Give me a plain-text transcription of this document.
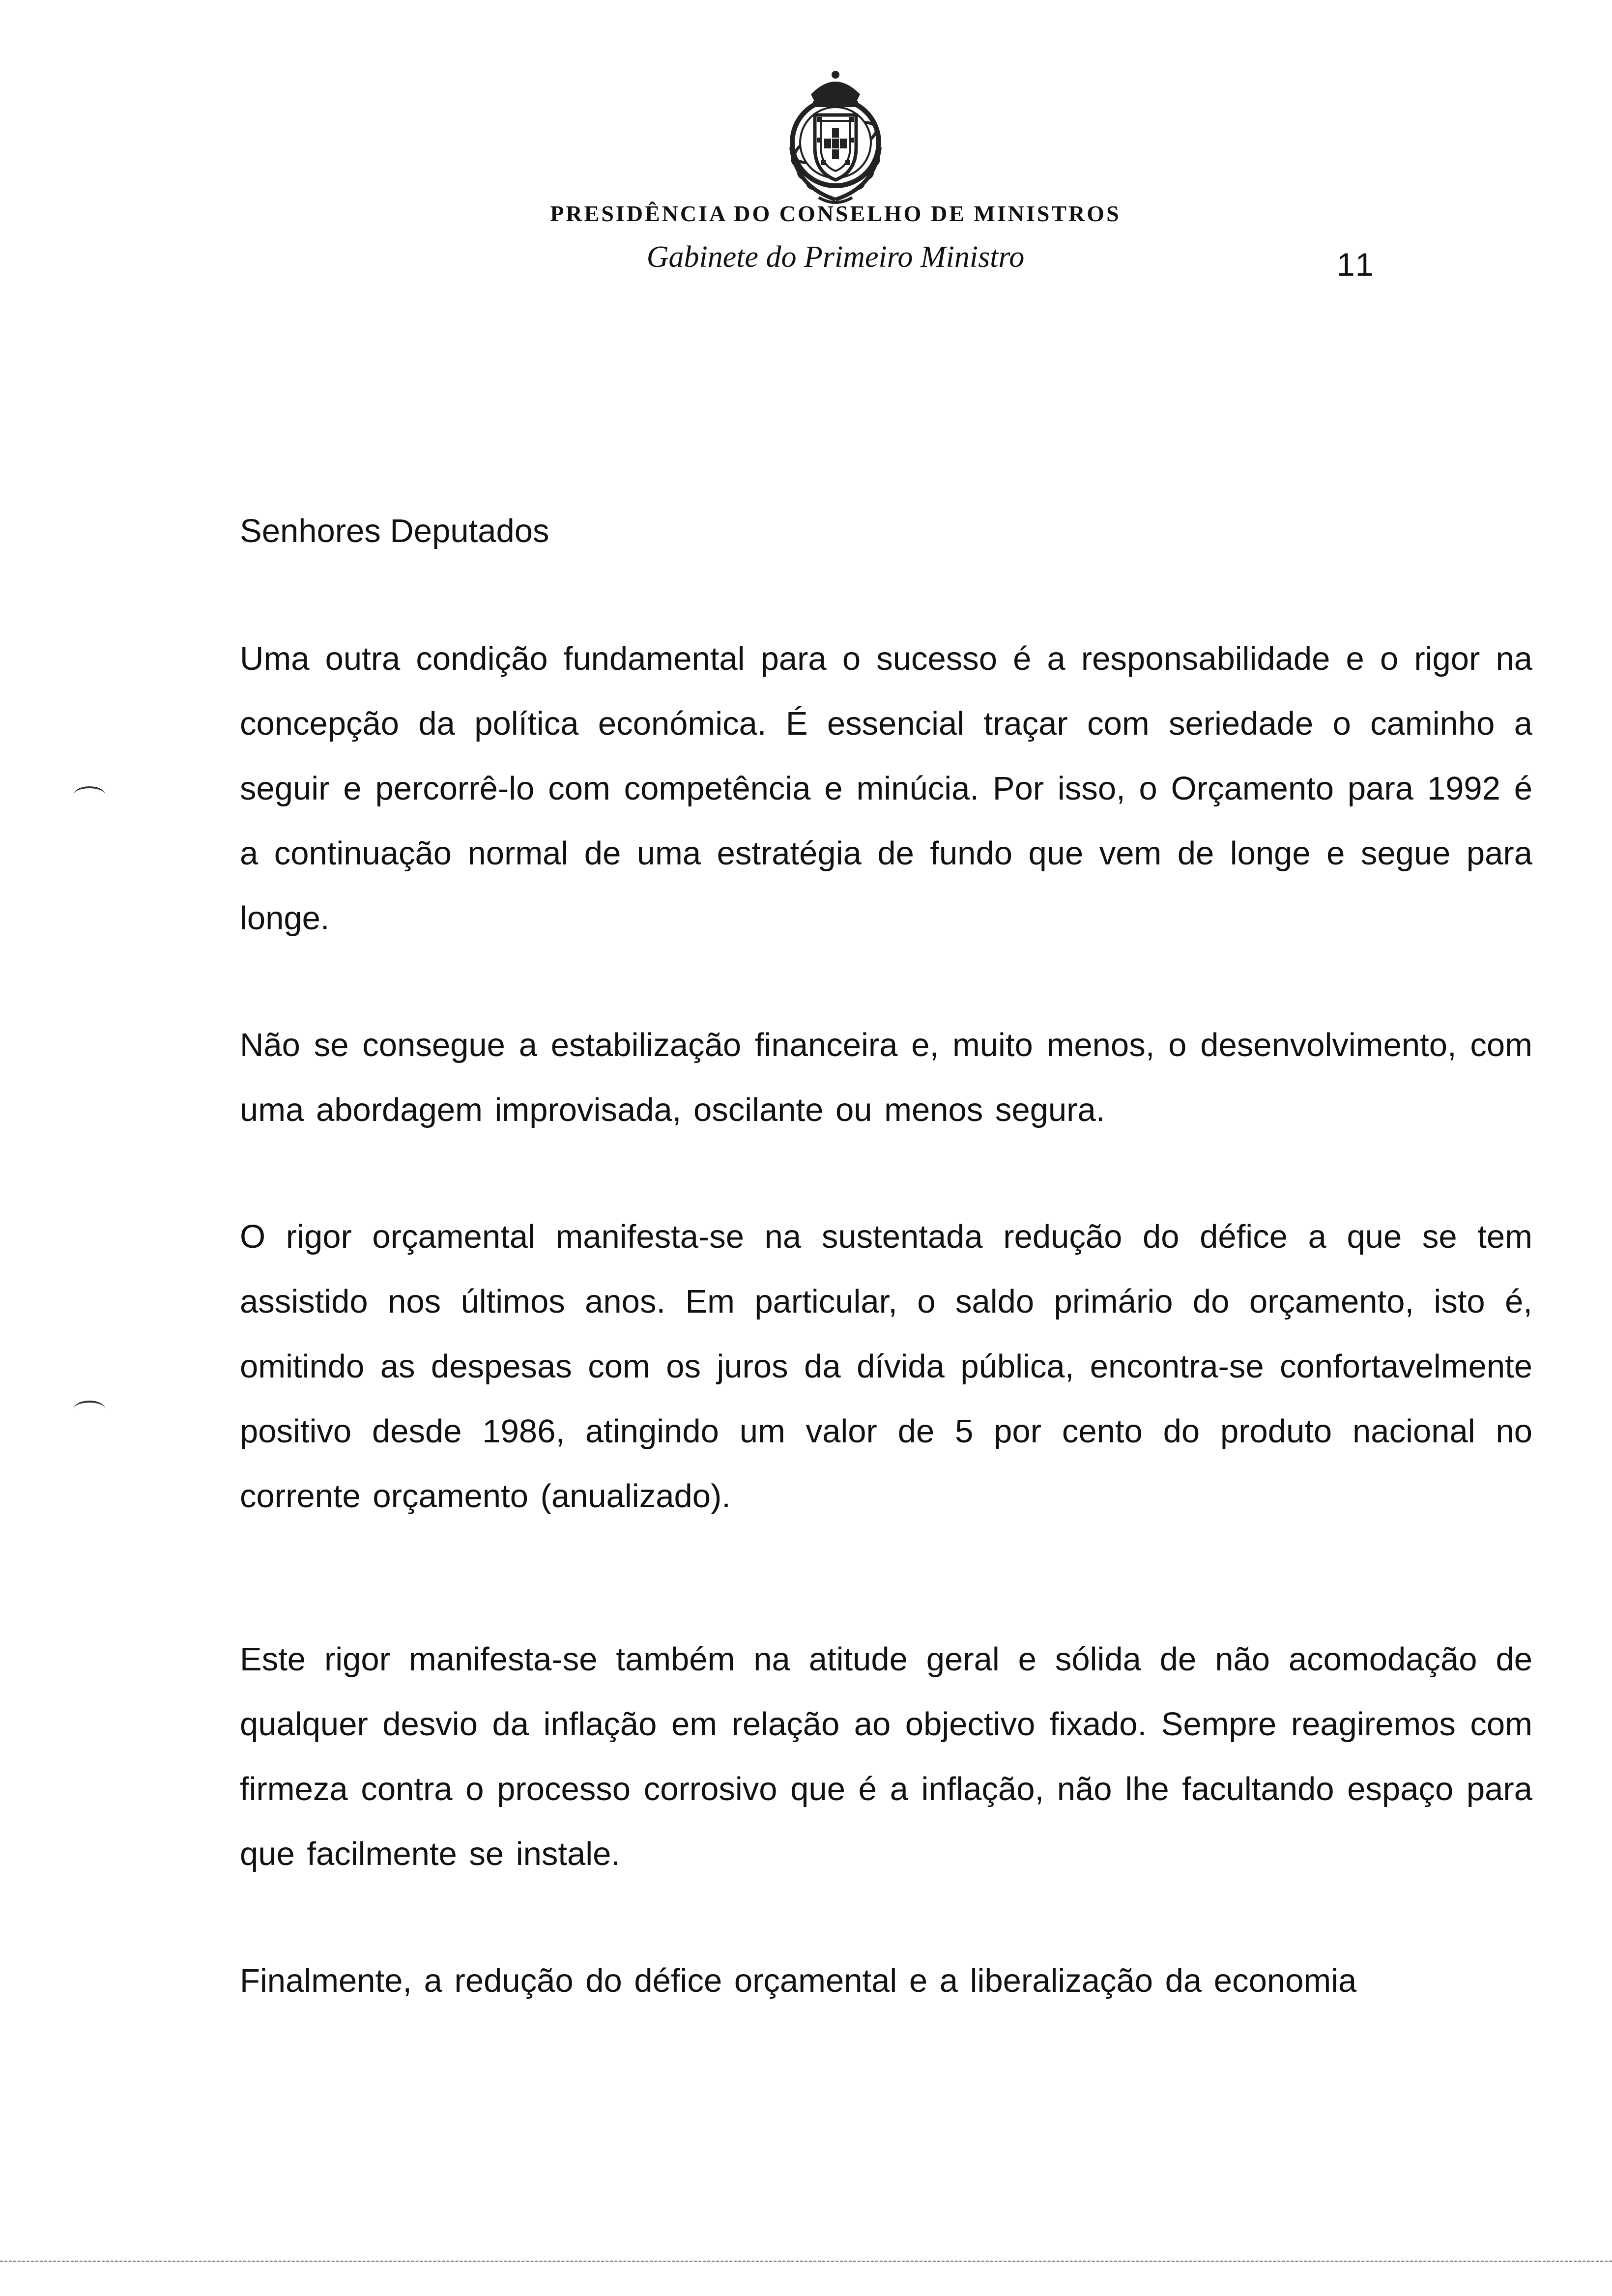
PRESIDÊNCIA DO CONSELHO DE MINISTROS
Gabinete do Primeiro Ministro	11

Senhores Deputados

Uma outra condição fundamental para o sucesso é a responsabilidade e o rigor na concepção da política económica. É essencial traçar com seriedade o caminho a seguir e percorrê-lo com competência e minúcia. Por isso, o Orçamento para 1992 é a continuação normal de uma estratégia de fundo que vem de longe e segue para longe.

Não se consegue a estabilização financeira e, muito menos, o desenvolvimento, com uma abordagem improvisada, oscilante ou menos segura.

O rigor orçamental manifesta-se na sustentada redução do défice a que se tem assistido nos últimos anos. Em particular, o saldo primário do orçamento, isto é, omitindo as despesas com os juros da dívida pública, encontra-se confortavelmente positivo desde 1986, atingindo um valor de 5 por cento do produto nacional no corrente orçamento (anualizado).

Este rigor manifesta-se também na atitude geral e sólida de não acomodação de qualquer desvio da inflação em relação ao objectivo fixado. Sempre reagiremos com firmeza contra o processo corrosivo que é a inflação, não lhe facultando espaço para que facilmente se instale.

Finalmente, a redução do défice orçamental e a liberalização da economia
